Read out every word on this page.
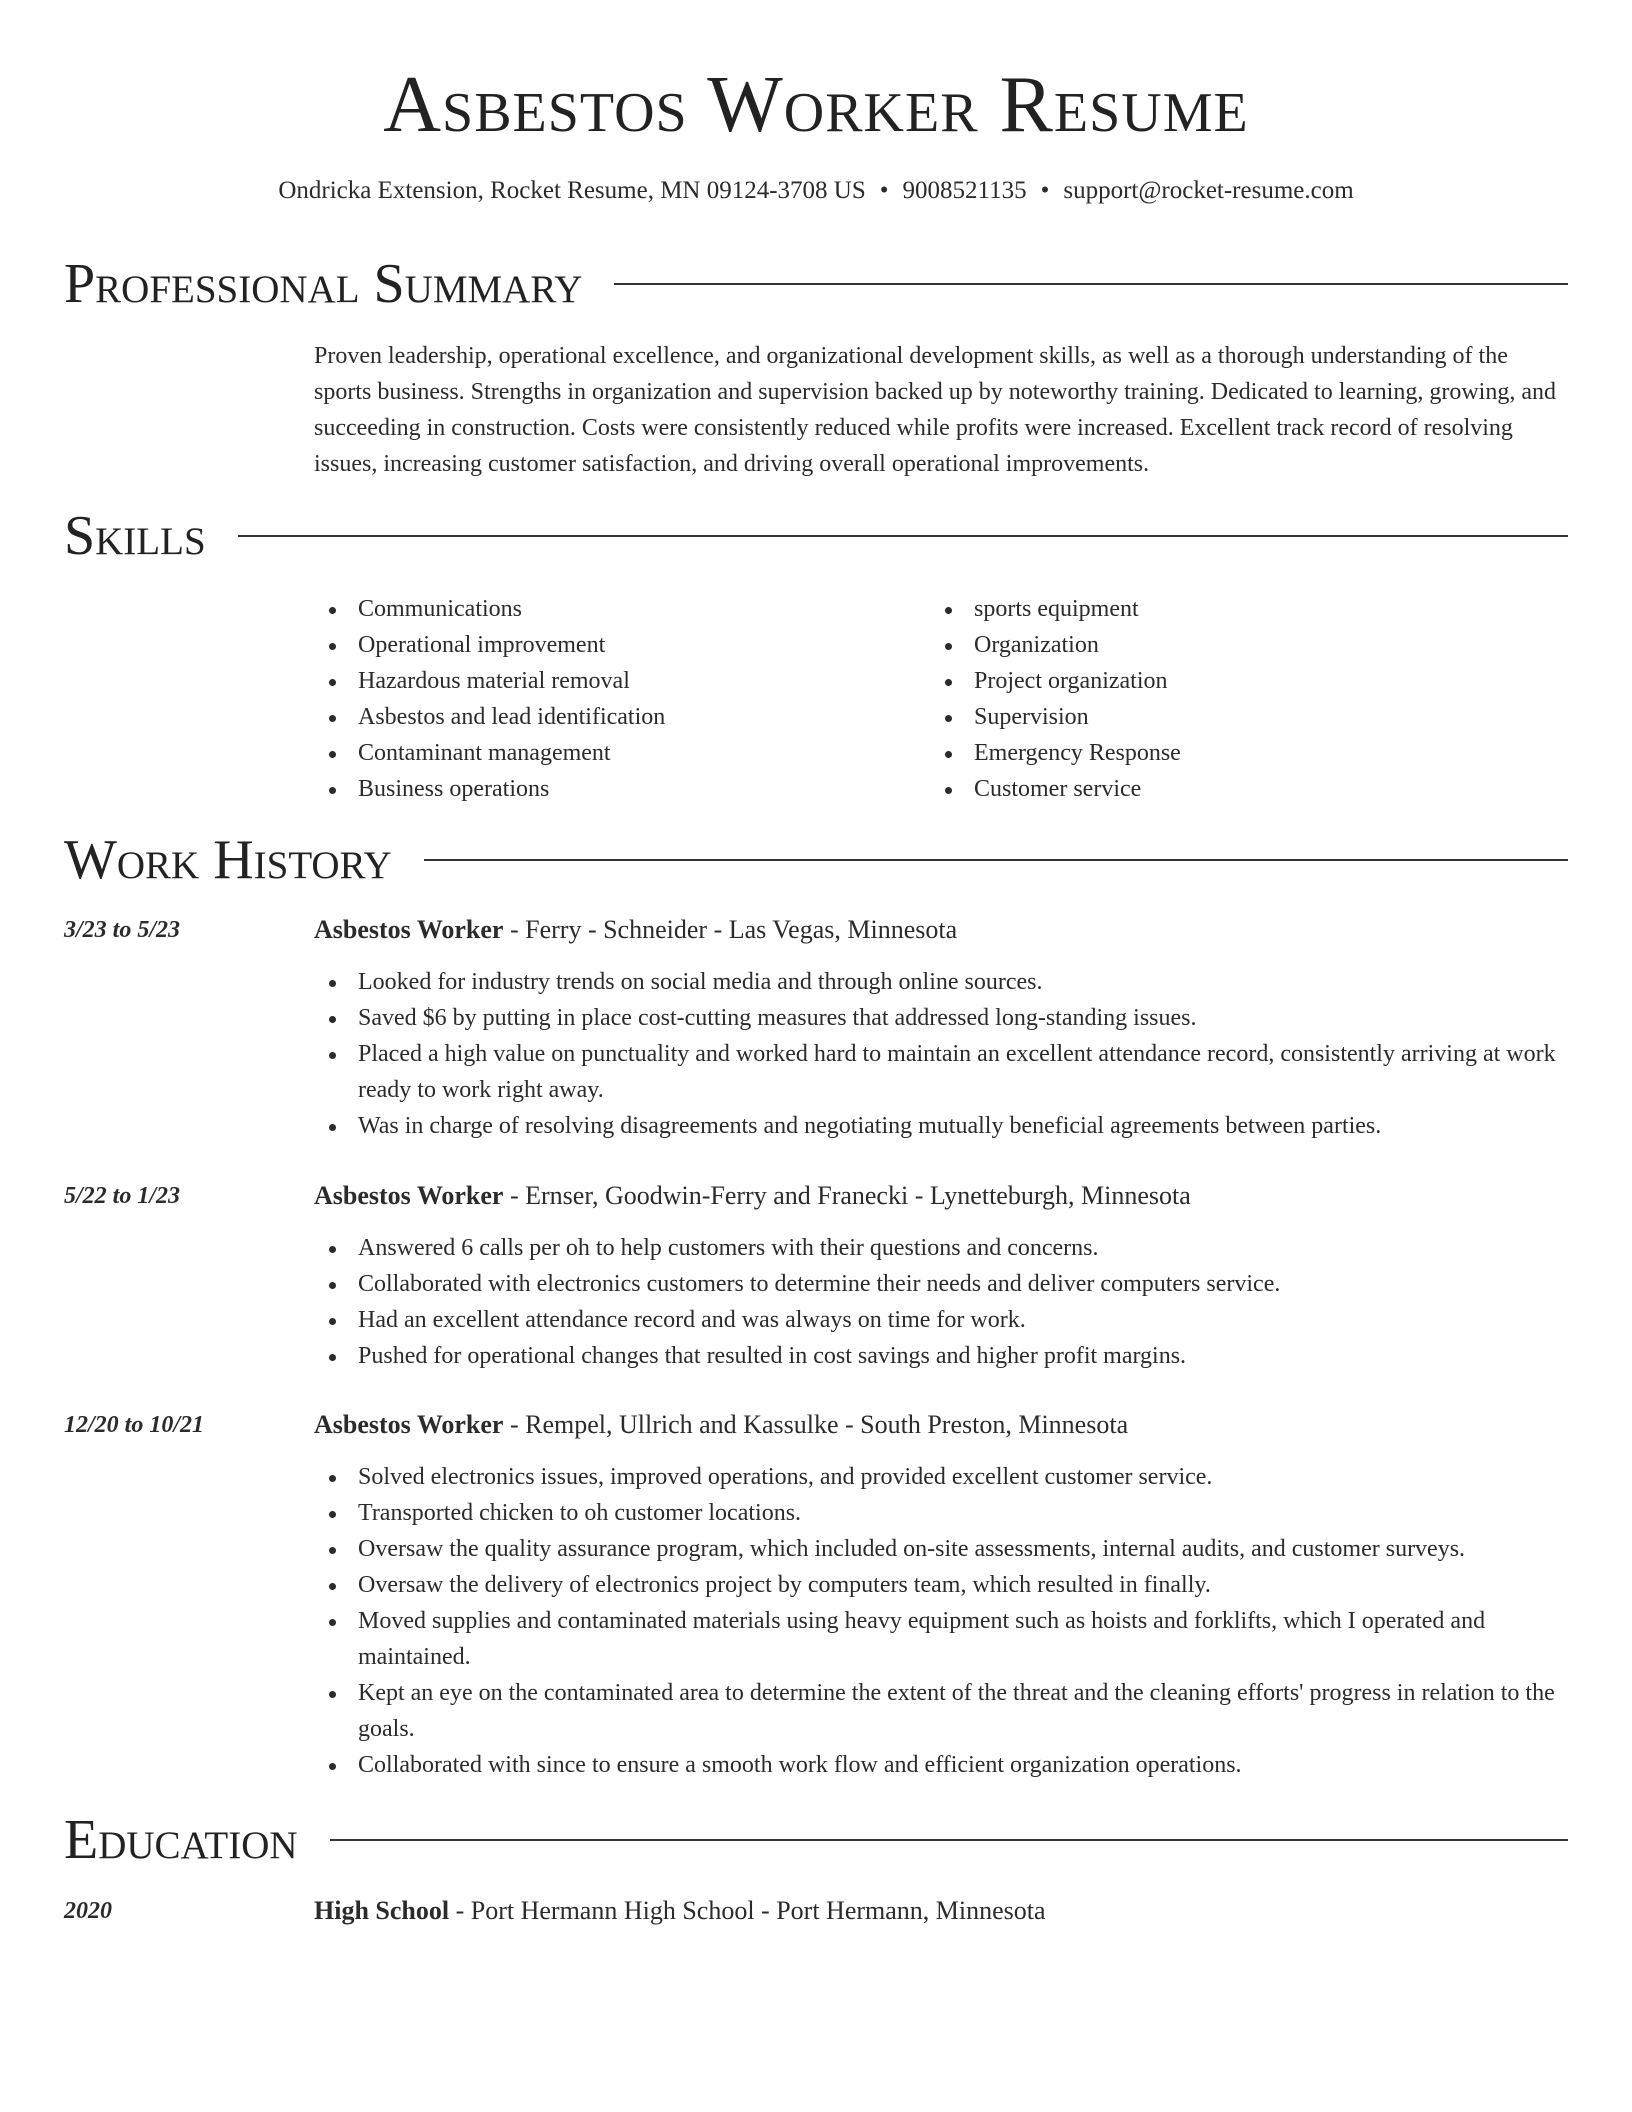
Asbestos Worker Resume
Ondricka Extension, Rocket Resume, MN 09124-3708 US • 9008521135 • support@rocket-resume.com
Professional Summary

Proven leadership, operational excellence, and organizational development skills, as well as a thorough understanding of the sports business. Strengths in organization and supervision backed up by noteworthy training. Dedicated to learning, growing, and succeeding in construction. Costs were consistently reduced while profits were increased. Excellent track record of resolving issues, increasing customer satisfaction, and driving overall operational improvements.

Skills
Communications
Operational improvement
Hazardous material removal
Asbestos and lead identification
Contaminant management
Business operations
sports equipment
Organization
Project organization
Supervision
Emergency Response
Customer service
Work History
3/23 to 5/23	Asbestos Worker - Ferry - Schneider - Las Vegas, Minnesota
Looked for industry trends on social media and through online sources.
Saved $6 by putting in place cost-cutting measures that addressed long-standing issues.
Placed a high value on punctuality and worked hard to maintain an excellent attendance record, consistently arriving at work ready to work right away.
Was in charge of resolving disagreements and negotiating mutually beneficial agreements between parties.
5/22 to 1/23	Asbestos Worker - Ernser, Goodwin-Ferry and Franecki - Lynetteburgh, Minnesota
Answered 6 calls per oh to help customers with their questions and concerns.
Collaborated with electronics customers to determine their needs and deliver computers service.
Had an excellent attendance record and was always on time for work.
Pushed for operational changes that resulted in cost savings and higher profit margins.
12/20 to 10/21	Asbestos Worker - Rempel, Ullrich and Kassulke - South Preston, Minnesota
Solved electronics issues, improved operations, and provided excellent customer service.
Transported chicken to oh customer locations.
Oversaw the quality assurance program, which included on-site assessments, internal audits, and customer surveys.
Oversaw the delivery of electronics project by computers team, which resulted in finally.
Moved supplies and contaminated materials using heavy equipment such as hoists and forklifts, which I operated and maintained.
Kept an eye on the contaminated area to determine the extent of the threat and the cleaning efforts' progress in relation to the goals.
Collaborated with since to ensure a smooth work flow and efficient organization operations.
Education
2020	High School - Port Hermann High School - Port Hermann, Minnesota
